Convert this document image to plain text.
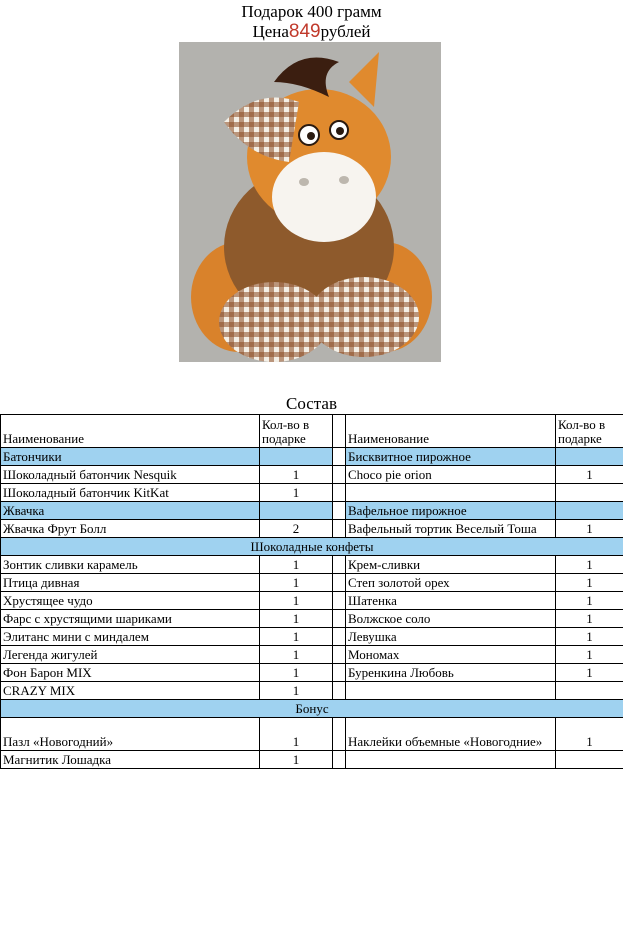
Подарок 400 грамм
Цена849рублей
Состав
Наименование	Кол-во в подарке		Наименование	Кол-во в подарке
Батончики			Бисквитное пирожное	
Шоколадный батончик Nesquik	1		Choco pie orion	1
Шоколадный батончик KitKat	1			
Жвачка			Вафельное пирожное	
Жвачка Фрут Болл	2		Вафельный тортик Веселый Тоша	1
Шоколадные конфеты				
Зонтик сливки карамель	1		Крем-сливки	1
Птица дивная	1		Степ золотой орех	1
Хрустящее чудо	1		Шатенка	1
Фарс с хрустящими шариками	1		Волжское соло	1
Элитанс мини с миндалем	1		Левушка	1
Легенда жигулей	1		Мономах	1
Фон Барон MIX	1		Буренкина Любовь	1
CRAZY MIX	1			
Бонус				
Пазл «Новогодний»	1		Наклейки объемные «Новогодние»	1
Магнитик Лошадка	1			
